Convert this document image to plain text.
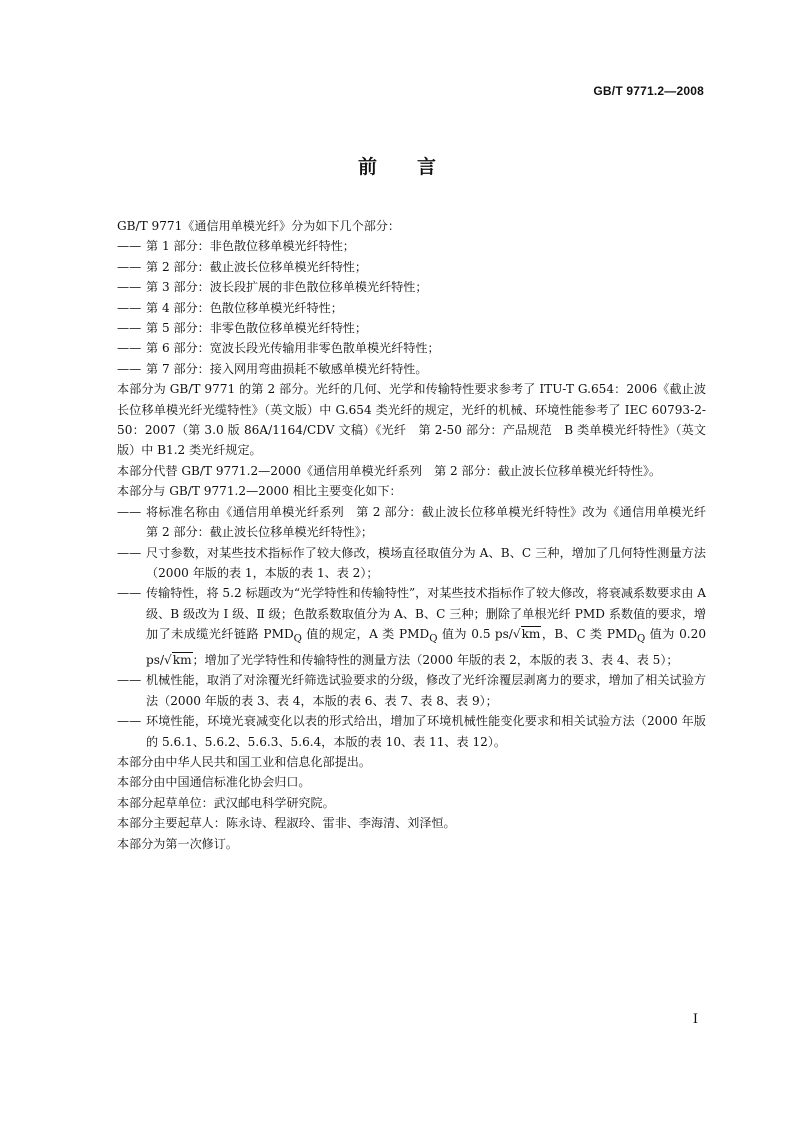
GB/T 9771.2—2008
前 言

GB/T 9771《通信用单模光纤》分为如下几个部分：

—— 第 1 部分：非色散位移单模光纤特性；
—— 第 2 部分：截止波长位移单模光纤特性；
—— 第 3 部分：波长段扩展的非色散位移单模光纤特性；
—— 第 4 部分：色散位移单模光纤特性；
—— 第 5 部分：非零色散位移单模光纤特性；
—— 第 6 部分：宽波长段光传输用非零色散单模光纤特性；
—— 第 7 部分：接入网用弯曲损耗不敏感单模光纤特性。

本部分为 GB/T 9771 的第 2 部分。光纤的几何、光学和传输特性要求参考了 ITU-T G.654：2006《截止波长位移单模光纤光缆特性》（英文版）中 G.654 类光纤的规定，光纤的机械、环境性能参考了 IEC 60793-2-50：2007（第 3.0 版 86A/1164/CDV 文稿）《光纤　第 2-50 部分：产品规范　B 类单模光纤特性》（英文版）中 B1.2 类光纤规定。

本部分代替 GB/T 9771.2—2000《通信用单模光纤系列　第 2 部分：截止波长位移单模光纤特性》。

本部分与 GB/T 9771.2—2000 相比主要变化如下：

—— 将标准名称由《通信用单模光纤系列　第 2 部分：截止波长位移单模光纤特性》改为《通信用单模光纤　第 2 部分：截止波长位移单模光纤特性》；
—— 尺寸参数，对某些技术指标作了较大修改，模场直径取值分为 A、B、C 三种，增加了几何特性测量方法（2000 年版的表 1，本版的表 1、表 2）；
—— 传输特性，将 5.2 标题改为“光学特性和传输特性”，对某些技术指标作了较大修改，将衰减系数要求由 A 级、B 级改为 Ⅰ 级、Ⅱ 级；色散系数取值分为 A、B、C 三种；删除了单根光纤 PMD 系数值的要求，增加了未成缆光纤链路 $PMD_Q$ 值的规定，A 类 $PMD_Q$ 值为 0.5 ps/√km，B、C 类 $PMD_Q$ 值为 0.20 ps/√km；增加了光学特性和传输特性的测量方法（2000 年版的表 2，本版的表 3、表 4、表 5）；
—— 机械性能，取消了对涂覆光纤筛选试验要求的分级，修改了光纤涂覆层剥离力的要求，增加了相关试验方法（2000 年版的表 3、表 4，本版的表 6、表 7、表 8、表 9）；
—— 环境性能，环境光衰减变化以表的形式给出，增加了环境机械性能变化要求和相关试验方法（2000 年版的 5.6.1、5.6.2、5.6.3、5.6.4，本版的表 10、表 11、表 12）。

本部分由中华人民共和国工业和信息化部提出。

本部分由中国通信标准化协会归口。

本部分起草单位：武汉邮电科学研究院。

本部分主要起草人：陈永诗、程淑玲、雷非、李海清、刘泽恒。

本部分为第一次修订。

I
